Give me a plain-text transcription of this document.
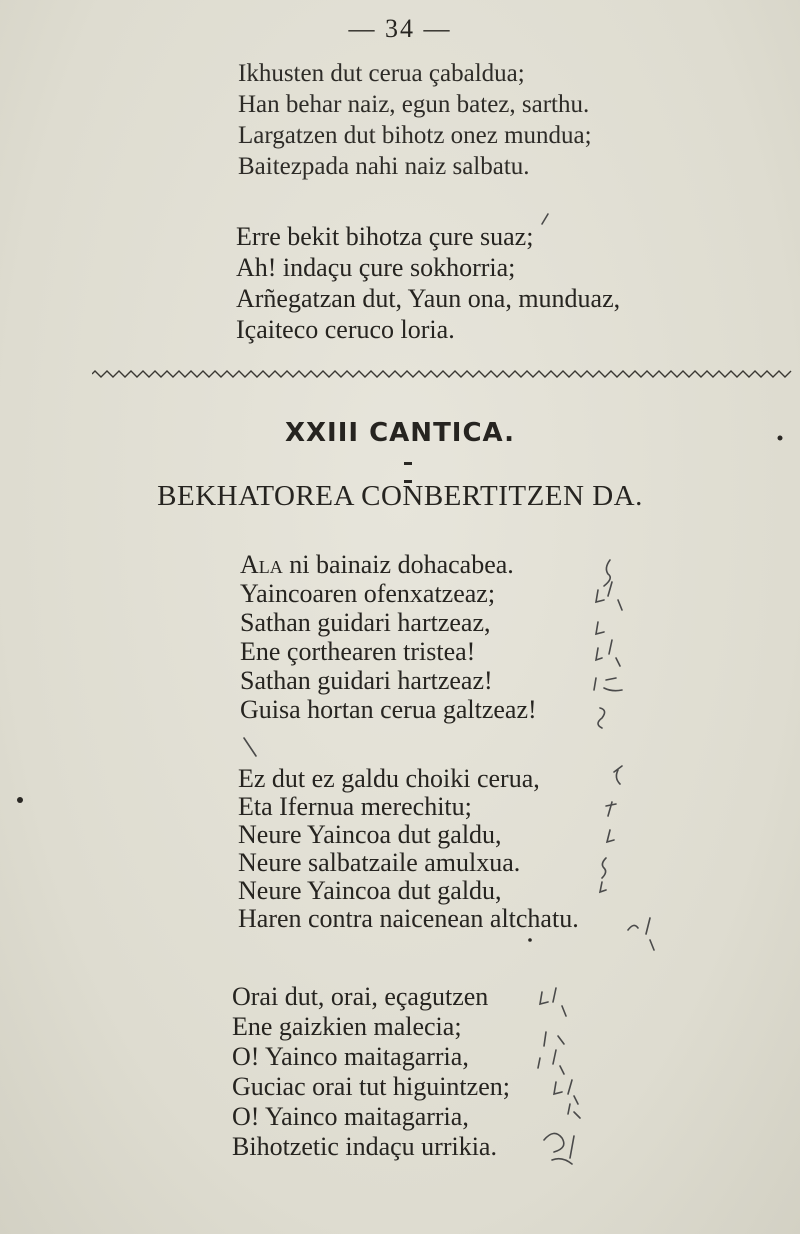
— 34 —
Ikhusten dut cerua çabaldua;
Han behar naiz, egun batez, sarthu.
Largatzen dut bihotz onez mundua;
Baitezpada nahi naiz salbatu.
Erre bekit bihotza çure suaz;
Ah! indaçu çure sokhorria;
Arñegatzan dut, Yaun ona, munduaz,
Içaiteco ceruco loria.
XXIII CANTICA.
BEKHATOREA CONBERTITZEN DA.
Ala ni bainaiz dohacabea.
Yaincoaren ofenxatzeaz;
Sathan guidari hartzeaz,
Ene çorthearen tristea!
Sathan guidari hartzeaz!
Guisa hortan cerua galtzeaz!
Ez dut ez galdu choiki cerua,
Eta Ifernua merechitu;
Neure Yaincoa dut galdu,
Neure salbatzaile amulxua.
Neure Yaincoa dut galdu,
Haren contra naicenean altchatu.
Orai dut, orai, eçagutzen
Ene gaizkien malecia;
O! Yainco maitagarria,
Guciac orai tut higuintzen;
O! Yainco maitagarria,
Bihotzetic indaçu urrikia.
